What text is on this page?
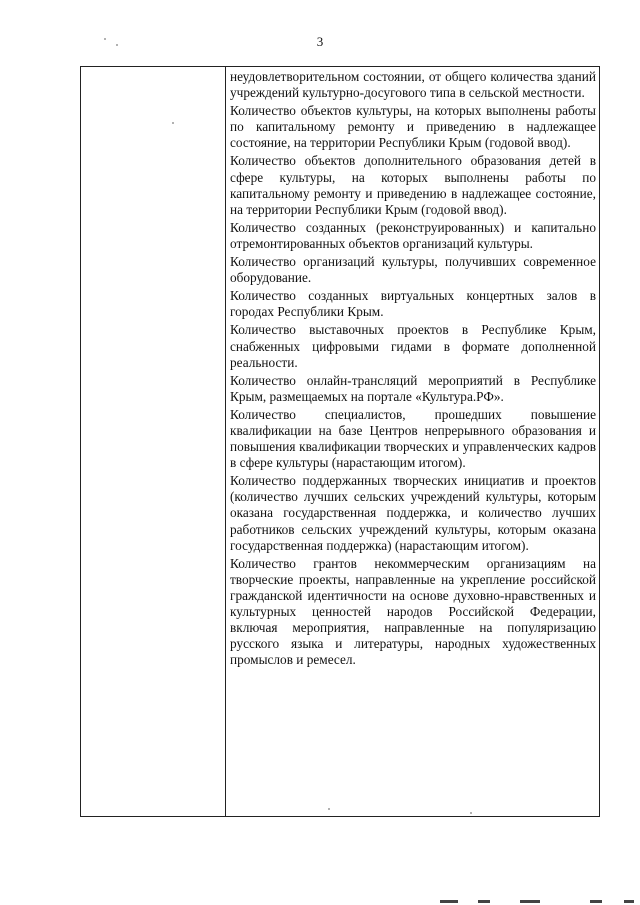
3

неудовлетворительном состоянии, от общего количества зданий учреждений культурно-досугового типа в сельской местности.

Количество объектов культуры, на которых выполнены работы по капитальному ремонту и приведению в надлежащее состояние, на территории Республики Крым (годовой ввод).

Количество объектов дополнительного образования детей в сфере культуры, на которых выполнены работы по капитальному ремонту и приведению в надлежащее состояние, на территории Республики Крым (годовой ввод).

Количество созданных (реконструированных) и капитально отремонтированных объектов организаций культуры.

Количество организаций культуры, получивших современное оборудование.

Количество созданных виртуальных концертных залов в городах Республики Крым.

Количество выставочных проектов в Республике Крым, снабженных цифровыми гидами в формате дополненной реальности.

Количество онлайн-трансляций мероприятий в Республике Крым, размещаемых на портале «Культура.РФ».

Количество специалистов, прошедших повышение квалификации на базе Центров непрерывного образования и повышения квалификации творческих и управленческих кадров в сфере культуры (нарастающим итогом).

Количество поддержанных творческих инициатив и проектов (количество лучших сельских учреждений культуры, которым оказана государственная поддержка, и количество лучших работников сельских учреждений культуры, которым оказана государственная поддержка) (нарастающим итогом).

Количество грантов некоммерческим организациям на творческие проекты, направленные на укрепление российской гражданской идентичности на основе духовно-нравственных и культурных ценностей народов Российской Федерации, включая мероприятия, направленные на популяризацию русского языка и литературы, народных художественных промыслов и ремесел.
